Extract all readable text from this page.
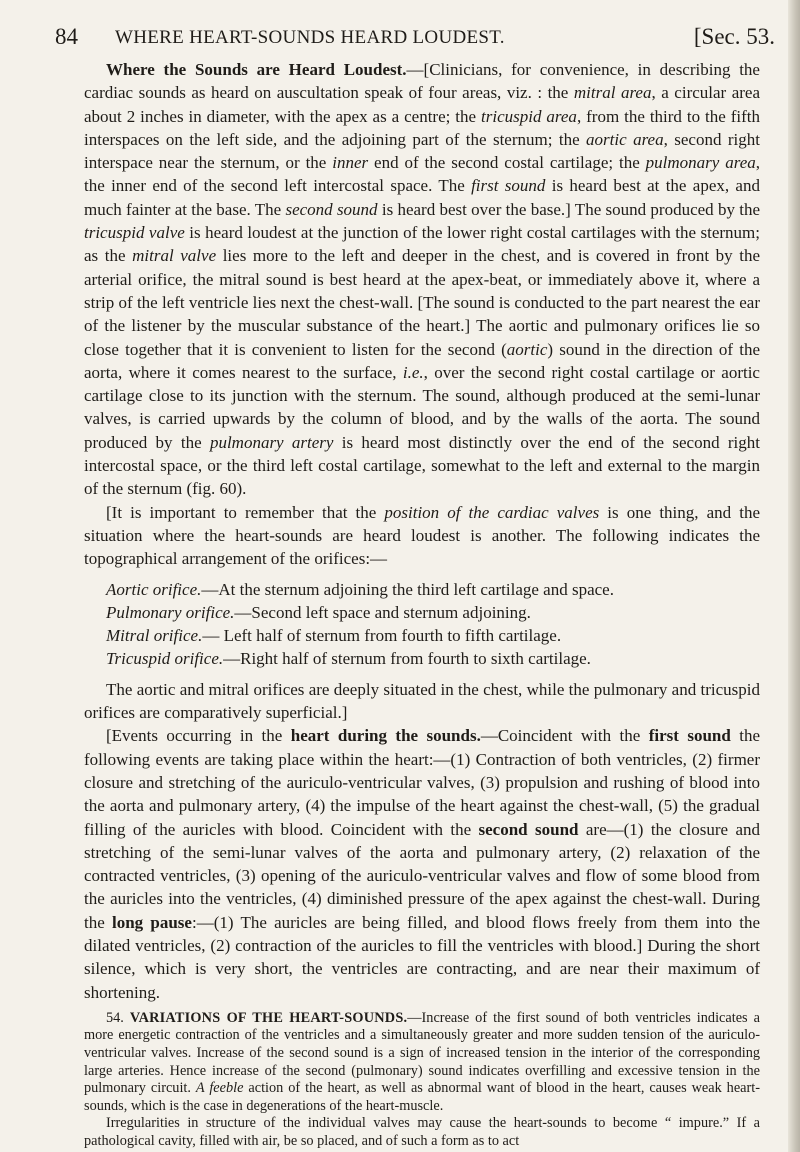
84 WHERE HEART-SOUNDS HEARD LOUDEST.	[Sec. 53.

Where the Sounds are Heard Loudest.—[Clinicians, for convenience, in describing the cardiac sounds as heard on auscultation speak of four areas, viz. : the mitral area, a circular area about 2 inches in diameter, with the apex as a centre; the tricuspid area, from the third to the fifth interspaces on the left side, and the adjoining part of the sternum; the aortic area, second right interspace near the sternum, or the inner end of the second costal cartilage; the pulmonary area, the inner end of the second left intercostal space. The first sound is heard best at the apex, and much fainter at the base. The second sound is heard best over the base.] The sound produced by the tricuspid valve is heard loudest at the junction of the lower right costal cartilages with the sternum; as the mitral valve lies more to the left and deeper in the chest, and is covered in front by the arterial orifice, the mitral sound is best heard at the apex-beat, or immediately above it, where a strip of the left ventricle lies next the chest-wall. [The sound is conducted to the part nearest the ear of the listener by the muscular substance of the heart.] The aortic and pulmonary orifices lie so close together that it is convenient to listen for the second (aortic) sound in the direction of the aorta, where it comes nearest to the surface, i.e., over the second right costal cartilage or aortic cartilage close to its junction with the sternum. The sound, although produced at the semi-lunar valves, is carried upwards by the column of blood, and by the walls of the aorta. The sound produced by the pulmonary artery is heard most distinctly over the end of the second right intercostal space, or the third left costal cartilage, somewhat to the left and external to the margin of the sternum (fig. 60).

[It is important to remember that the position of the cardiac valves is one thing, and the situation where the heart-sounds are heard loudest is another. The following indicates the topographical arrangement of the orifices:—

Aortic orifice.—At the sternum adjoining the third left cartilage and space.

Pulmonary orifice.—Second left space and sternum adjoining.

Mitral orifice.— Left half of sternum from fourth to fifth cartilage.

Tricuspid orifice.—Right half of sternum from fourth to sixth cartilage.

The aortic and mitral orifices are deeply situated in the chest, while the pulmonary and tricuspid orifices are comparatively superficial.]

[Events occurring in the heart during the sounds.—Coincident with the first sound the following events are taking place within the heart:—(1) Contraction of both ventricles, (2) firmer closure and stretching of the auriculo-ventricular valves, (3) propulsion and rushing of blood into the aorta and pulmonary artery, (4) the impulse of the heart against the chest-wall, (5) the gradual filling of the auricles with blood. Coincident with the second sound are—(1) the closure and stretching of the semi-lunar valves of the aorta and pulmonary artery, (2) relaxation of the contracted ventricles, (3) opening of the auriculo-ventricular valves and flow of some blood from the auricles into the ventricles, (4) diminished pressure of the apex against the chest-wall. During the long pause:—(1) The auricles are being filled, and blood flows freely from them into the dilated ventricles, (2) contraction of the auricles to fill the ventricles with blood.] During the short silence, which is very short, the ventricles are contracting, and are near their maximum of shortening.

54. VARIATIONS OF THE HEART-SOUNDS.—Increase of the first sound of both ventricles indicates a more energetic contraction of the ventricles and a simultaneously greater and more sudden tension of the auriculo-ventricular valves. Increase of the second sound is a sign of increased tension in the interior of the corresponding large arteries. Hence increase of the second (pulmonary) sound indicates overfilling and excessive tension in the pulmonary circuit. A feeble action of the heart, as well as abnormal want of blood in the heart, causes weak heart-sounds, which is the case in degenerations of the heart-muscle.

Irregularities in structure of the individual valves may cause the heart-sounds to become “ impure.” If a pathological cavity, filled with air, be so placed, and of such a form as to act
